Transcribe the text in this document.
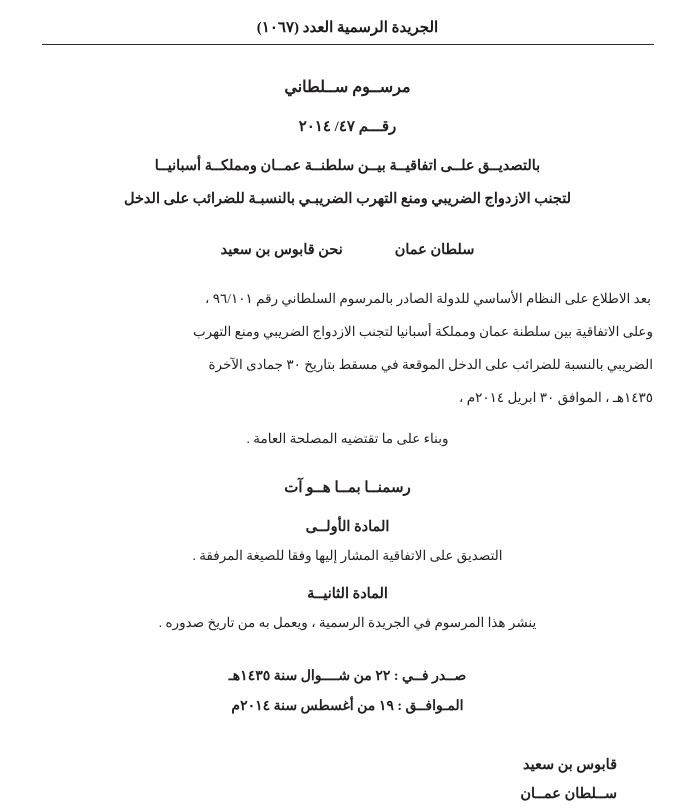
الجريدة الرسمية العدد (١٠٦٧)
مرســوم ســلطاني
رقـــم ٤٧/ ٢٠١٤
بالتصديــق علــى اتفاقيــة بيــن سلطنــة عمــان ومملكــة أسبانيــا
لتجنب الازدواج الضريبي ومنع التهرب الضريبـي بالنسبـة للضرائب على الدخل
سلطان عمان
نحن قابوس بن سعيد

بعد الاطلاع على النظام الأساسي للدولة الصادر بالمرسوم السلطاني رقم ٩٦/١٠١ ،

وعلى الاتفاقية بين سلطنة عمان ومملكة أسبانيا لتجنب الازدواج الضريبي ومنع التهرب

الضريبي بالنسبة للضرائب على الدخل الموقعة في مسقط بتاريخ ٣٠ جمادى الآخرة

١٤٣٥هـ ، الموافق ٣٠ ابريل ٢٠١٤م ،

وبناء على ما تقتضيه المصلحة العامة .

رسمنــا بمــا هــو آت
المادة الأولــى
التصديق على الاتفاقية المشار إليها وفقا للصيغة المرفقة .
المادة الثانيــة
ينشر هذا المرسوم في الجريدة الرسمية ، ويعمل به من تاريخ صدوره .
صــدر فــي : ٢٢ من شــــوال سنة ١٤٣٥هـ
المـوافــق : ١٩ من أغسطس سنة ٢٠١٤م
قابوس بن سعيد
ســلطان عمــان
